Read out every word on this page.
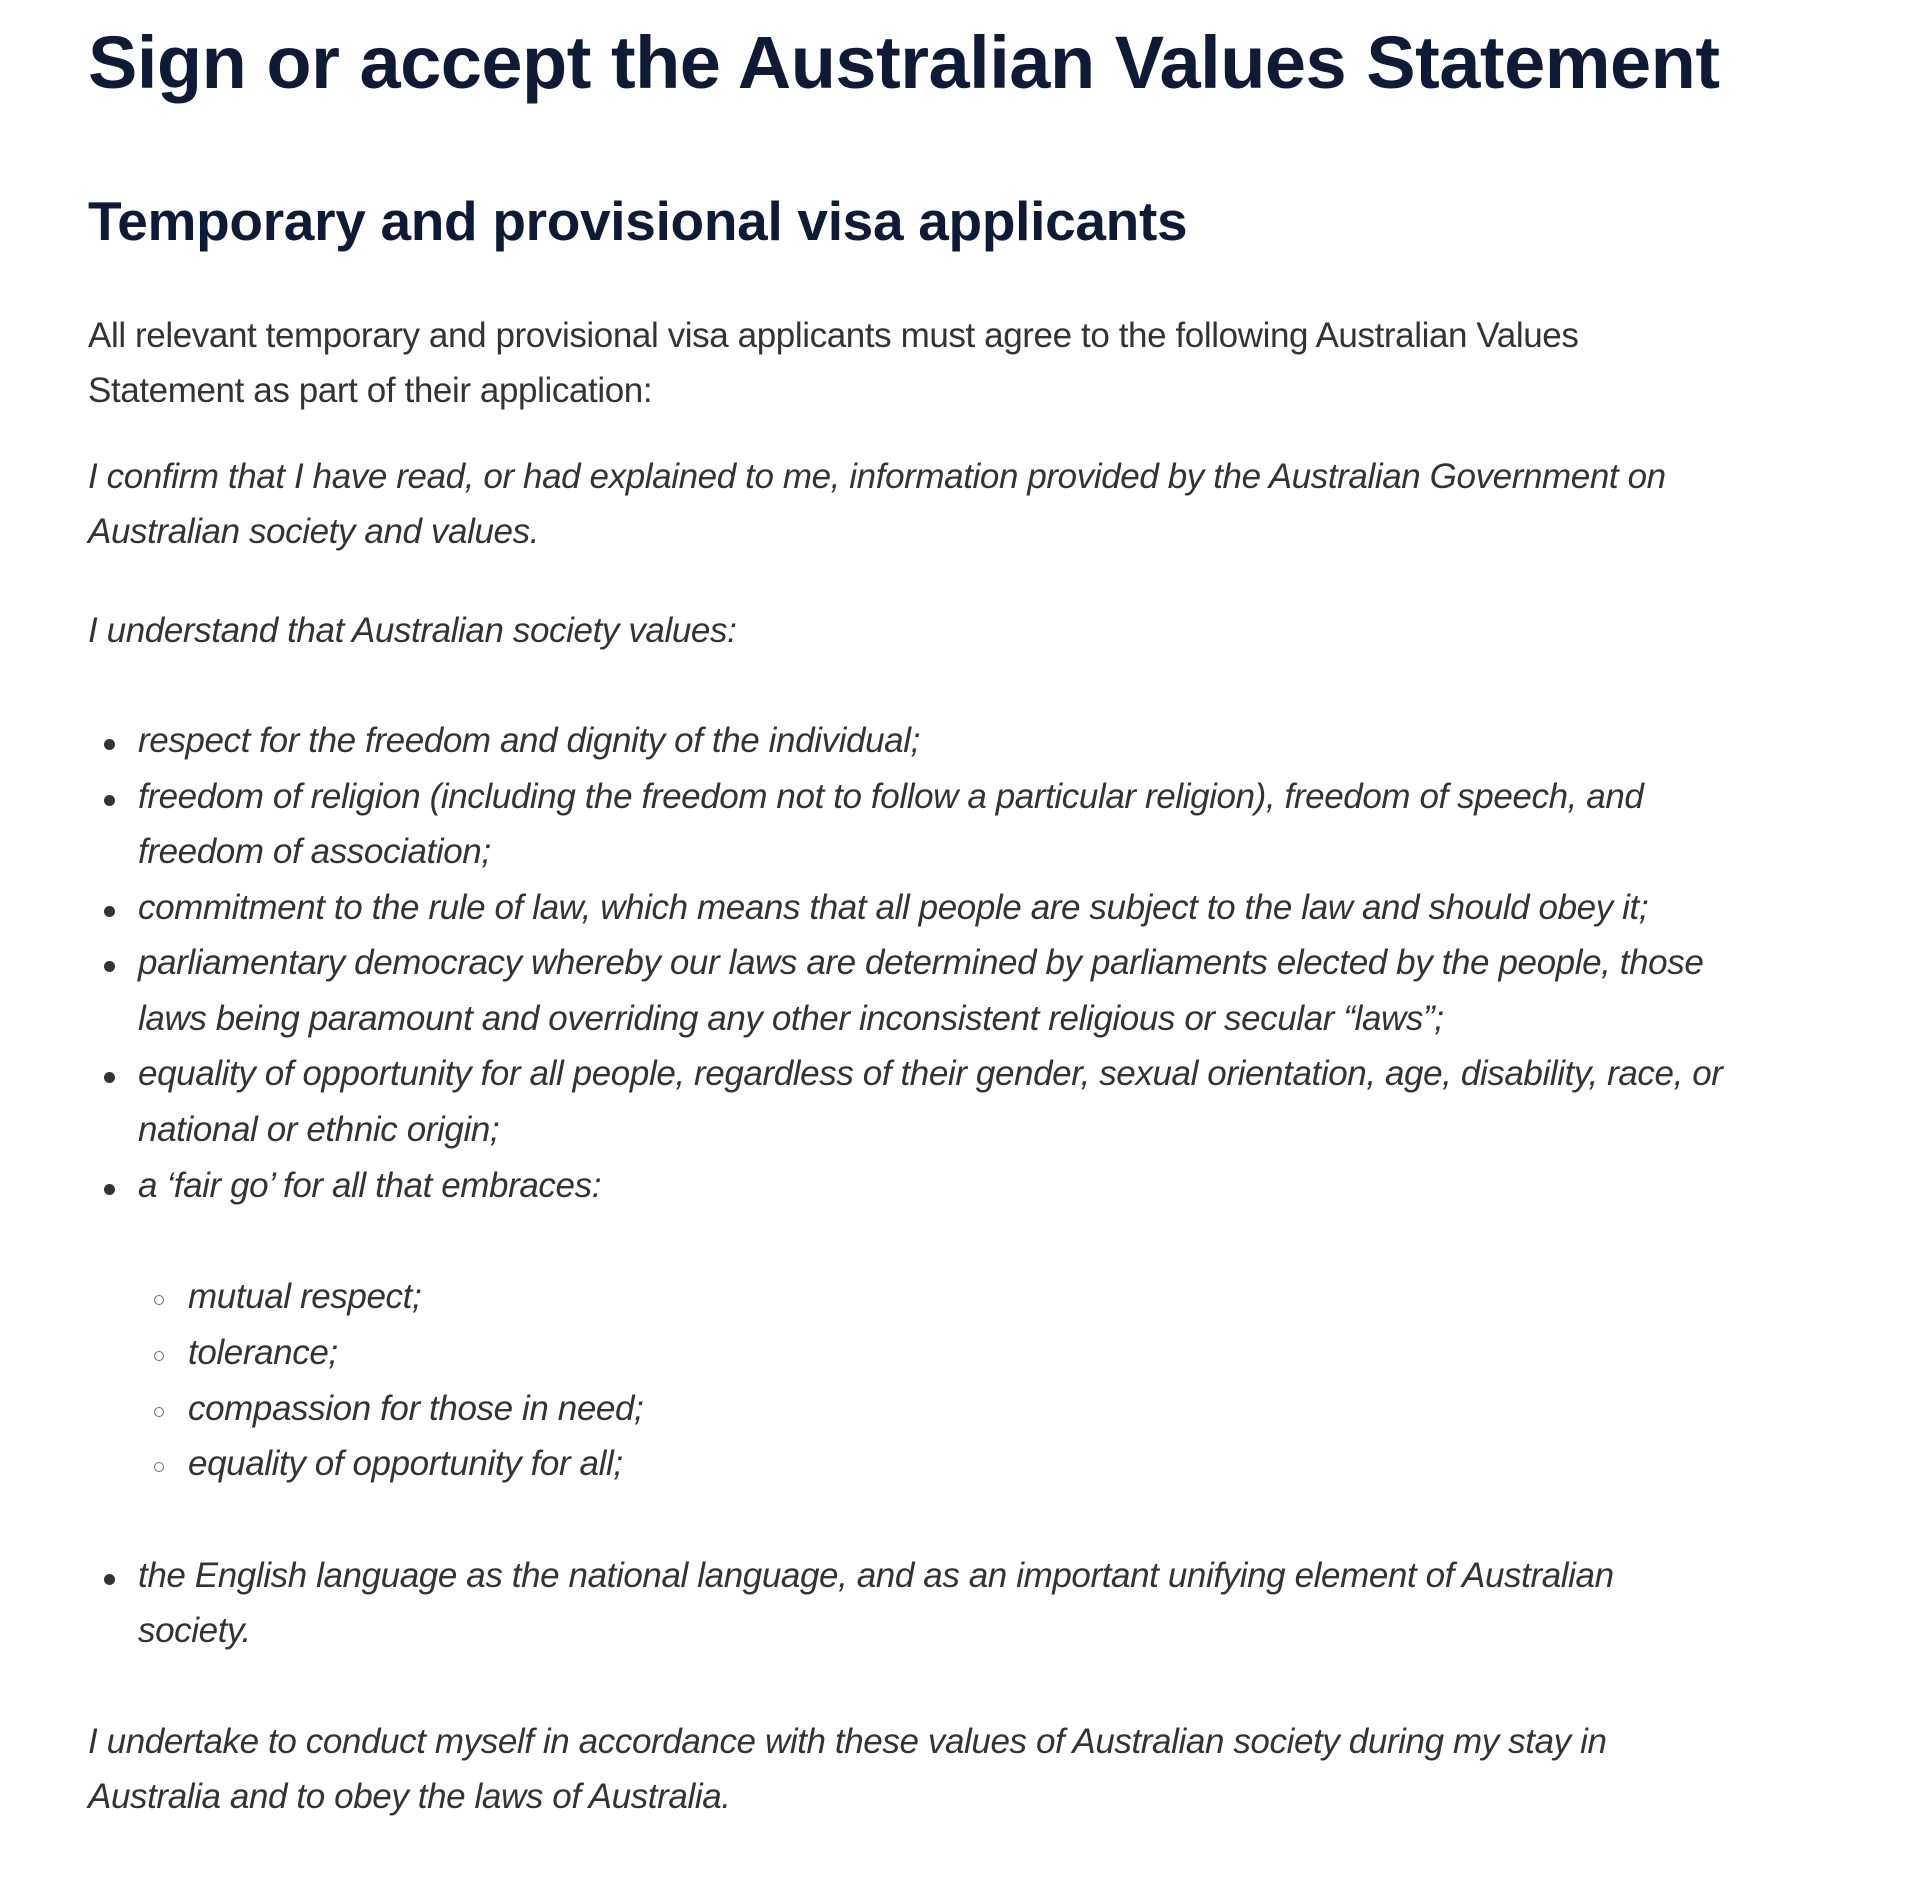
Sign or accept the Australian Values Statement
Temporary and provisional visa applicants
All relevant temporary and provisional visa applicants must agree to the following Australian Values
Statement as part of their application:
I confirm that I have read, or had explained to me, information provided by the Australian Government on
Australian society and values.
I understand that Australian society values:
respect for the freedom and dignity of the individual;
freedom of religion (including the freedom not to follow a particular religion), freedom of speech, and
freedom of association;
commitment to the rule of law, which means that all people are subject to the law and should obey it;
parliamentary democracy whereby our laws are determined by parliaments elected by the people, those
laws being paramount and overriding any other inconsistent religious or secular “laws”;
equality of opportunity for all people, regardless of their gender, sexual orientation, age, disability, race, or
national or ethnic origin;
a ‘fair go’ for all that embraces:
mutual respect;
tolerance;
compassion for those in need;
equality of opportunity for all;
the English language as the national language, and as an important unifying element of Australian
society.
I undertake to conduct myself in accordance with these values of Australian society during my stay in
Australia and to obey the laws of Australia.
